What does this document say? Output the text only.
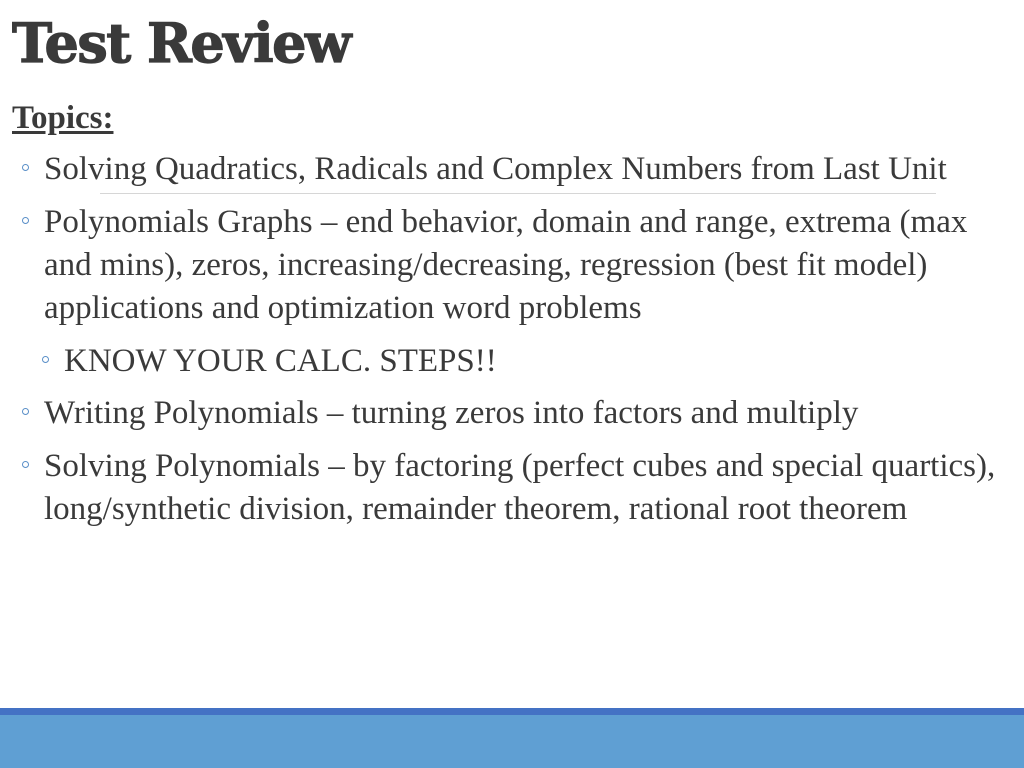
Test Review
Topics:
Solving Quadratics, Radicals and Complex Numbers from Last Unit
Polynomials Graphs – end behavior, domain and range, extrema (max and mins), zeros, increasing/decreasing, regression (best fit model) applications and optimization word problems
KNOW YOUR CALC. STEPS!!
Writing Polynomials – turning zeros into factors and multiply
Solving Polynomials – by factoring (perfect cubes and special quartics), long/synthetic division, remainder theorem, rational root theorem
